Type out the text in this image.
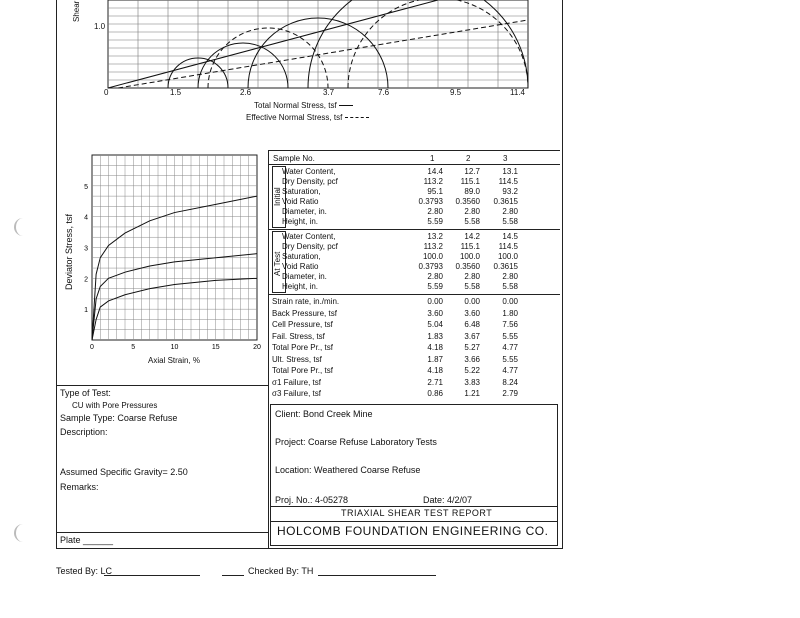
Shear
1.0
0	1.5	2.6	3.7	7.6	9.5	11.4
Total Normal Stress, tsf
Effective Normal Stress, tsf
Deviator Stress, tsf
0	5	10	15	20
1
2
3
4
5
Axial Strain, %
Sample No.	1	2	3
Initial
Water Content,	14.4	12.7	13.1
Dry Density, pcf	113.2	115.1	114.5
Saturation,	95.1	89.0	93.2
Void Ratio	0.3793	0.3560	0.3615
Diameter, in.	2.80	2.80	2.80
Height, in.	5.59	5.58	5.58
At Test
Water Content,	13.2	14.2	14.5
Dry Density, pcf	113.2	115.1	114.5
Saturation,	100.0	100.0	100.0
Void Ratio	0.3793	0.3560	0.3615
Diameter, in.	2.80	2.80	2.80
Height, in.	5.59	5.58	5.58
Strain rate, in./min.	0.00	0.00	0.00
Back Pressure, tsf	3.60	3.60	1.80
Cell Pressure, tsf	5.04	6.48	7.56
Fail. Stress, tsf	1.83	3.67	5.55
Total Pore Pr., tsf	4.18	5.27	4.77
Ult. Stress, tsf	1.87	3.66	5.55
Total Pore Pr., tsf	4.18	5.22	4.77
σ1 Failure, tsf	2.71	3.83	8.24
σ3 Failure, tsf	0.86	1.21	2.79
Type of Test:
CU with Pore Pressures
Sample Type: Coarse Refuse
Description:
Assumed Specific Gravity= 2.50
Remarks:
Plate ______
Client: Bond Creek Mine
Project: Coarse Refuse Laboratory Tests
Location: Weathered Coarse Refuse
Proj. No.: 4-05278	Date: 4/2/07
TRIAXIAL SHEAR TEST REPORT
HOLCOMB FOUNDATION ENGINEERING CO.
Tested By: LC	Checked By: TH
